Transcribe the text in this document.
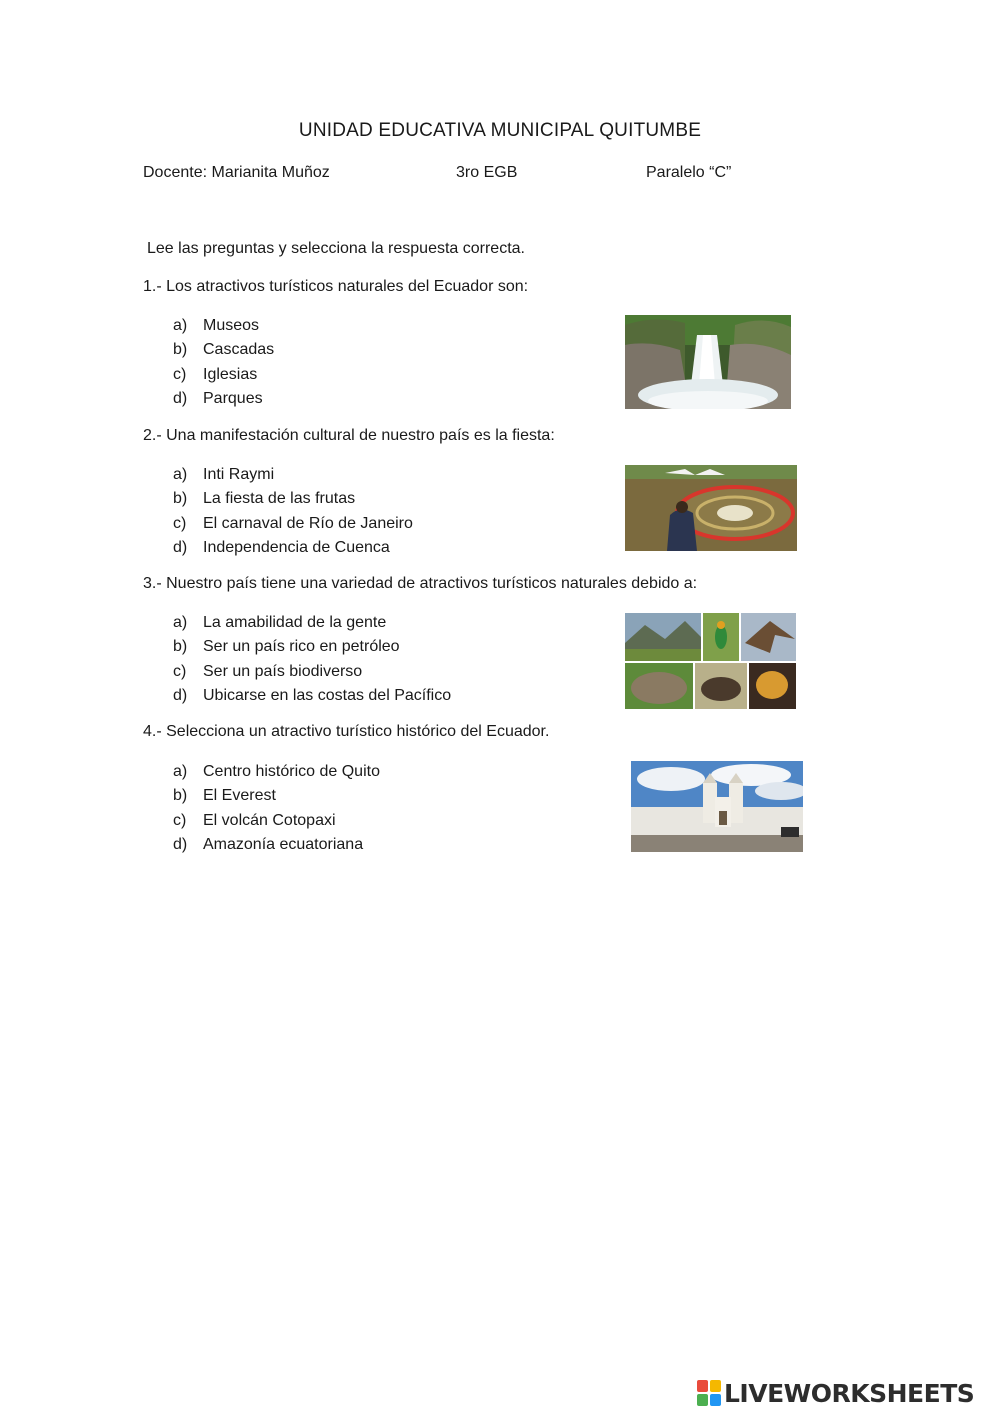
UNIDAD EDUCATIVA MUNICIPAL QUITUMBE
Docente: Marianita Muñoz	3ro EGB	Paralelo “C”
Lee las preguntas y selecciona la respuesta correcta.
1.- Los atractivos turísticos naturales del Ecuador son:
a) Museos
b) Cascadas
c) Iglesias
d) Parques
2.- Una manifestación cultural de nuestro país es la fiesta:
a) Inti Raymi
b) La fiesta de las frutas
c) El carnaval de Río de Janeiro
d) Independencia de Cuenca
3.- Nuestro país tiene una variedad de atractivos turísticos naturales debido a:
a) La amabilidad de la gente
b) Ser un país rico en petróleo
c) Ser un país biodiverso
d) Ubicarse en las costas del Pacífico
4.- Selecciona un atractivo turístico histórico del Ecuador.
a) Centro histórico de Quito
b) El Everest
c) El volcán Cotopaxi
d) Amazonía ecuatoriana
LIVEWORKSHEETS
